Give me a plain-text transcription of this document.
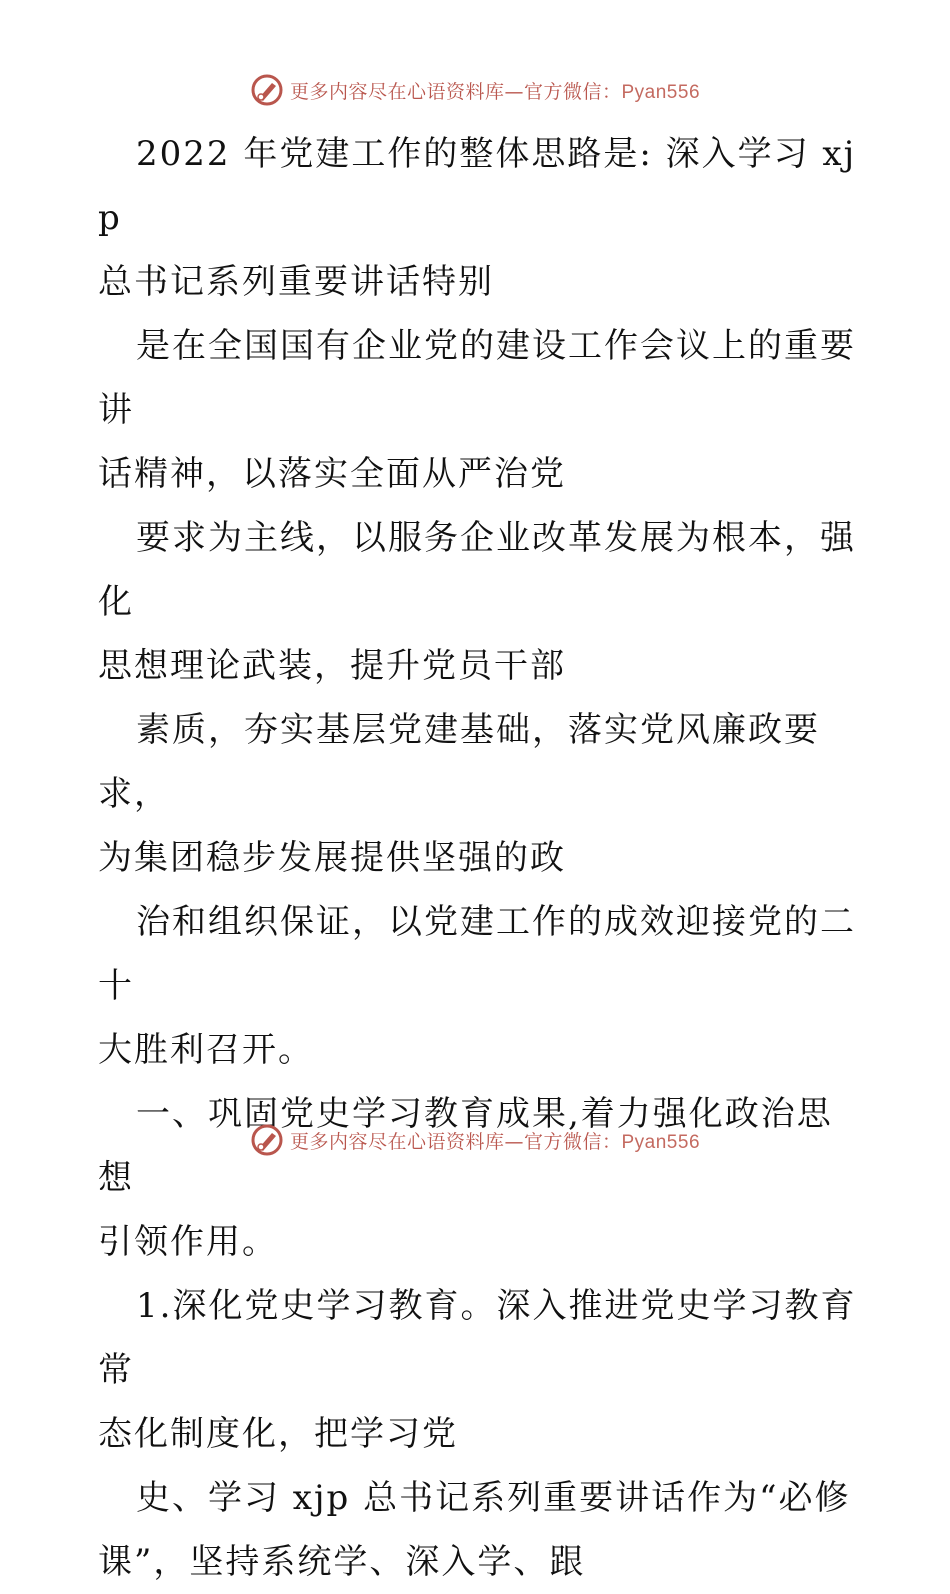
更多内容尽在心语资料库—官方微信：Pyan556

2022 年党建工作的整体思路是: 深入学习 xjp
总书记系列重要讲话特别

是在全国国有企业党的建设工作会议上的重要讲
话精神，以落实全面从严治党

要求为主线，以服务企业改革发展为根本，强化
思想理论武装，提升党员干部

素质，夯实基层党建基础，落实党风廉政要求，
为集团稳步发展提供坚强的政

治和组织保证，以党建工作的成效迎接党的二十
大胜利召开。

一、巩固党史学习教育成果,着力强化政治思想
引领作用。

1.深化党史学习教育。深入推进党史学习教育常
态化制度化，把学习党

史、学习 xjp 总书记系列重要讲话作为“必修
课”，坚持系统学、深入学、跟

更多内容尽在心语资料库—官方微信：Pyan556
